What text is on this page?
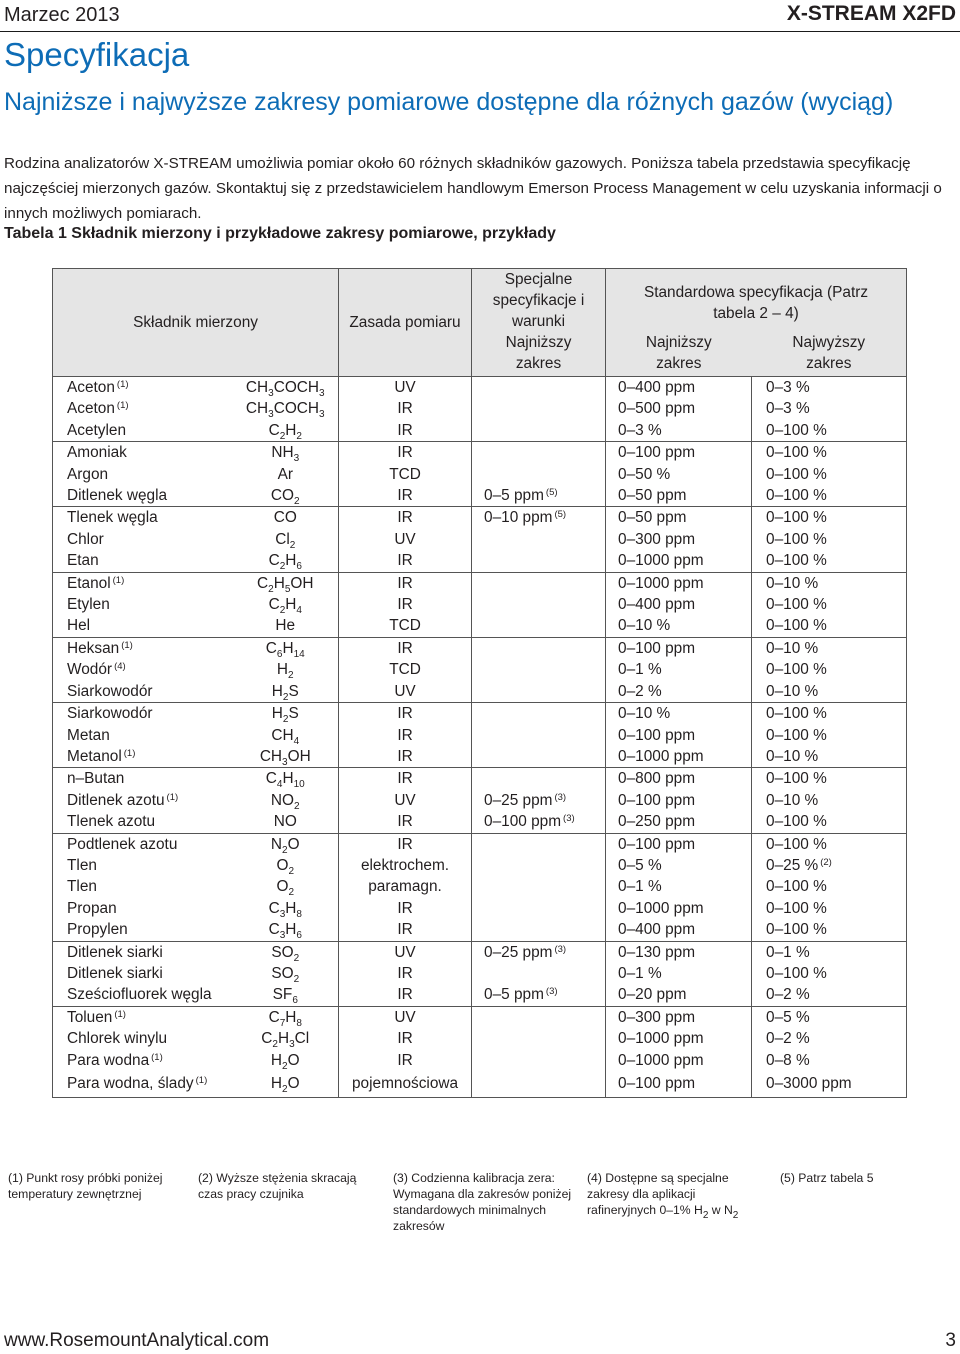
Marzec 2013	X-STREAM X2FD
Specyfikacja
Najniższe i najwyższe zakresy pomiarowe dostępne dla różnych gazów (wyciąg)

Rodzina analizatorów X-STREAM umożliwia pomiar około 60 różnych składników gazowych. Poniższa tabela przedstawia specyfikację najczęściej mierzonych gazów. Skontaktuj się z przedstawicielem handlowym Emerson Process Management w celu uzyskania informacji o innych możliwych pomiarach.

Tabela 1 Składnik mierzony i przykładowe zakresy pomiarowe, przykłady

Składnik mierzony		Zasada pomiaru	Specjalne specyfikacje i warunki	Standardowa specyfikacja (Patrz tabela 2 – 4)	
			Najniższy zakres	Najniższy zakres	Najwyższy zakres
Aceton $^{(1)}$	$CH_3COCH_3$	UV		0–400 ppm	0–3 %
Aceton $^{(1)}$	$CH_3COCH_3$	IR		0–500 ppm	0–3 %
Acetylen	$C_2H_2$	IR		0–3 %	0–100 %
Amoniak	$NH_3$	IR		0–100 ppm	0–100 %
Argon	Ar	TCD		0–50 %	0–100 %
Ditlenek węgla	$CO_2$	IR	0–5 ppm $^{(5)}$	0–50 ppm	0–100 %
Tlenek węgla	CO	IR	0–10 ppm $^{(5)}$	0–50 ppm	0–100 %
Chlor	$Cl_2$	UV		0–300 ppm	0–100 %
Etan	$C_2H_6$	IR		0–1000 ppm	0–100 %
Etanol $^{(1)}$	$C_2H_5OH$	IR		0–1000 ppm	0–10 %
Etylen	$C_2H_4$	IR		0–400 ppm	0–100 %
Hel	He	TCD		0–10 %	0–100 %
Heksan $^{(1)}$	$C_6H_{14}$	IR		0–100 ppm	0–10 %
Wodór $^{(4)}$	$H_2$	TCD		0–1 %	0–100 %
Siarkowodór	$H_2S$	UV		0–2 %	0–10 %
Siarkowodór	$H_2S$	IR		0–10 %	0–100 %
Metan	$CH_4$	IR		0–100 ppm	0–100 %
Metanol $^{(1)}$	$CH_3OH$	IR		0–1000 ppm	0–10 %
n–Butan	$C_4H_{10}$	IR		0–800 ppm	0–100 %
Ditlenek azotu $^{(1)}$	$NO_2$	UV	0–25 ppm $^{(3)}$	0–100 ppm	0–10 %
Tlenek azotu	NO	IR	0–100 ppm $^{(3)}$	0–250 ppm	0–100 %
Podtlenek azotu	$N_2O$	IR		0–100 ppm	0–100 %
Tlen	$O_2$	elektrochem.		0–5 %	0–25 % $^{(2)}$
Tlen	$O_2$	paramagn.		0–1 %	0–100 %
Propan	$C_3H_8$	IR		0–1000 ppm	0–100 %
Propylen	$C_3H_6$	IR		0–400 ppm	0–100 %
Ditlenek siarki	$SO_2$	UV	0–25 ppm $^{(3)}$	0–130 ppm	0–1 %
Ditlenek siarki	$SO_2$	IR		0–1 %	0–100 %
Sześciofluorek węgla	$SF_6$	IR	0–5 ppm $^{(3)}$	0–20 ppm	0–2 %
Toluen $^{(1)}$	$C_7H_8$	UV		0–300 ppm	0–5 %
Chlorek winylu	$C_2H_3Cl$	IR		0–1000 ppm	0–2 %
Para wodna $^{(1)}$	$H_2O$	IR		0–1000 ppm	0–8 %
Para wodna, ślady $^{(1)}$	$H_2O$	pojemnościowa		0–100 ppm	0–3000 ppm
(1) Punkt rosy próbki poniżej temperatury zewnętrznej
(2) Wyższe stężenia skracają czas pracy czujnika
(3) Codzienna kalibracja zera: Wymagana dla zakresów poniżej standardowych minimalnych zakresów
(4) Dostępne są specjalne zakresy dla aplikacji rafineryjnych 0–1% $H_2$ w $N_2$
(5) Patrz tabela 5
www.RosemountAnalytical.com	3
